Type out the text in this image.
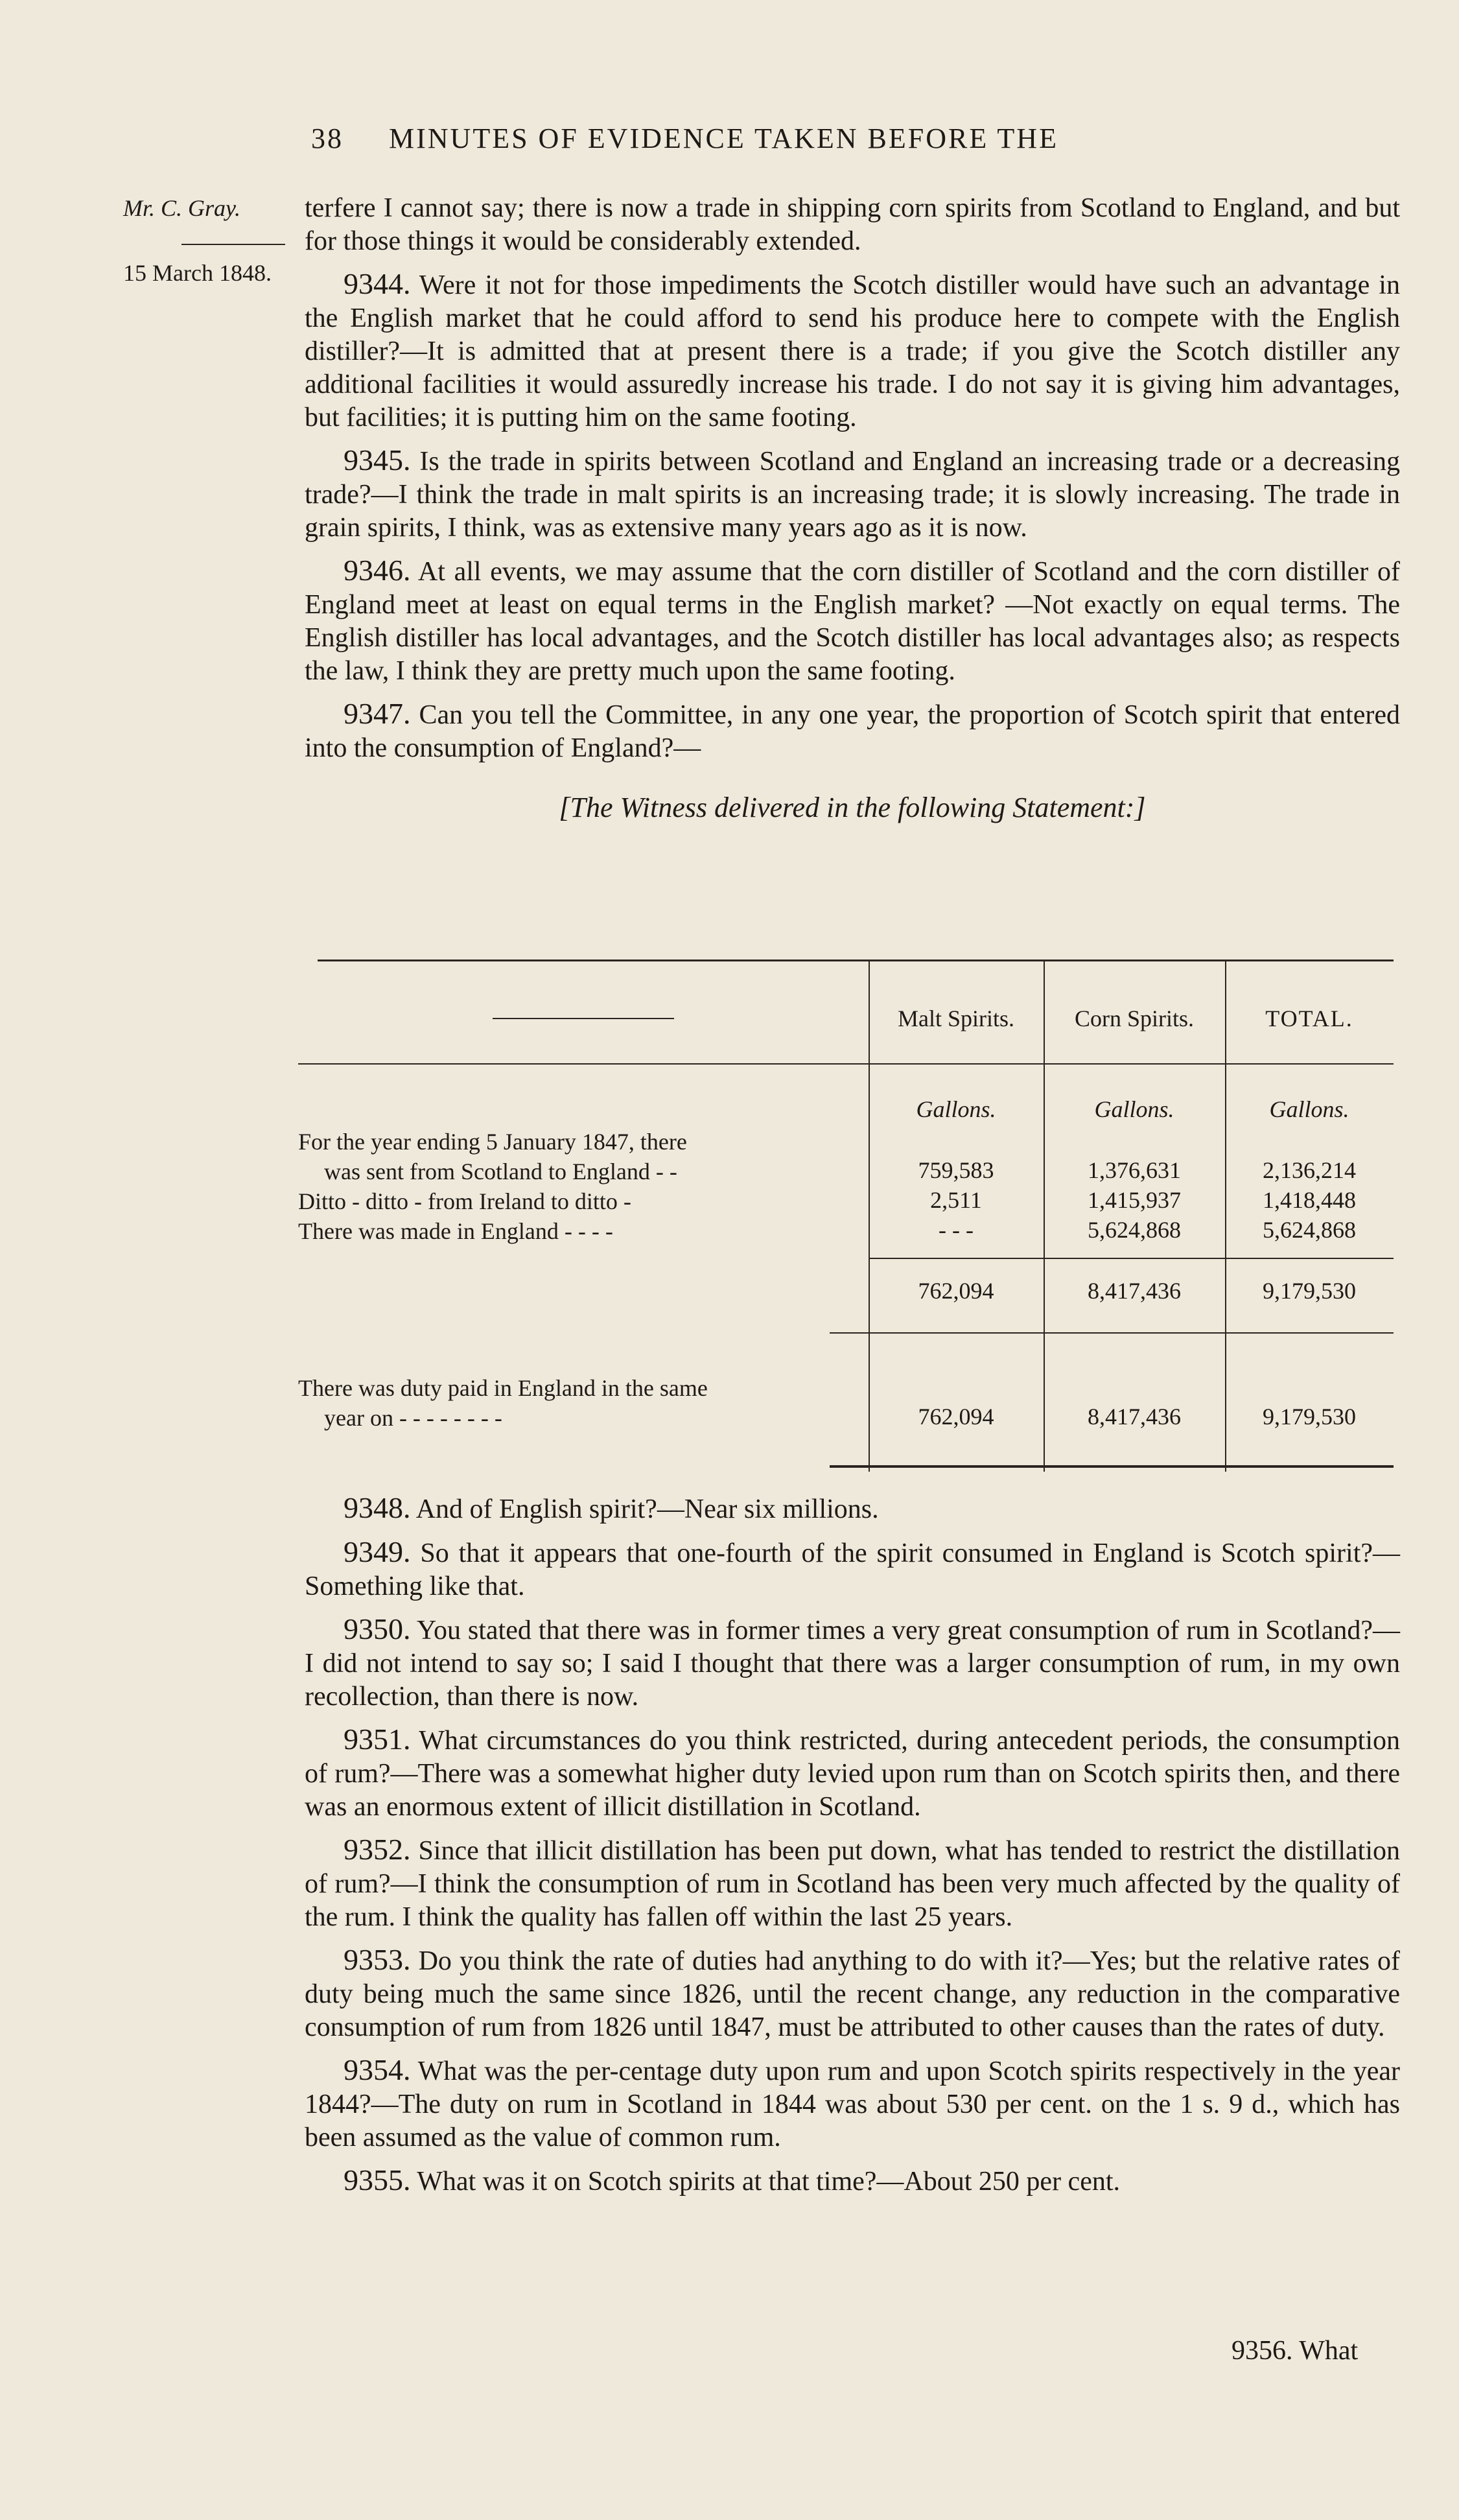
38 MINUTES OF EVIDENCE TAKEN BEFORE THE
Mr. C. Gray.
15 March 1848.

terfere I cannot say; there is now a trade in shipping corn spirits from Scotland to England, and but for those things it would be considerably extended.

9344. Were it not for those impediments the Scotch distiller would have such an advantage in the English market that he could afford to send his produce here to compete with the English distiller?—It is admitted that at present there is a trade; if you give the Scotch distiller any additional facilities it would assuredly increase his trade. I do not say it is giving him advantages, but facilities; it is putting him on the same footing.

9345. Is the trade in spirits between Scotland and England an increasing trade or a decreasing trade?—I think the trade in malt spirits is an increasing trade; it is slowly increasing. The trade in grain spirits, I think, was as extensive many years ago as it is now.

9346. At all events, we may assume that the corn distiller of Scotland and the corn distiller of England meet at least on equal terms in the English market? —Not exactly on equal terms. The English distiller has local advantages, and the Scotch distiller has local advantages also; as respects the law, I think they are pretty much upon the same footing.

9347. Can you tell the Committee, in any one year, the proportion of Scotch spirit that entered into the consumption of England?—

[The Witness delivered in the following Statement:]
Malt Spirits.	Corn Spirits.	TOTAL.
Gallons.	Gallons.	Gallons.
For the year ending 5 January 1847, there
was sent from Scotland to England - -	759,583	1,376,631	2,136,214
Ditto - ditto - from Ireland to ditto -	2,511	1,415,937	1,418,448
There was made in England - - - -	- - -	5,624,868	5,624,868
762,094	8,417,436	9,179,530
There was duty paid in England in the same
year on - - - - - - - -	762,094	8,417,436	9,179,530

9348. And of English spirit?—Near six millions.

9349. So that it appears that one-fourth of the spirit consumed in England is Scotch spirit?—Something like that.

9350. You stated that there was in former times a very great consumption of rum in Scotland?—I did not intend to say so; I said I thought that there was a larger consumption of rum, in my own recollection, than there is now.

9351. What circumstances do you think restricted, during antecedent periods, the consumption of rum?—There was a somewhat higher duty levied upon rum than on Scotch spirits then, and there was an enormous extent of illicit distillation in Scotland.

9352. Since that illicit distillation has been put down, what has tended to restrict the distillation of rum?—I think the consumption of rum in Scotland has been very much affected by the quality of the rum. I think the quality has fallen off within the last 25 years.

9353. Do you think the rate of duties had anything to do with it?—Yes; but the relative rates of duty being much the same since 1826, until the recent change, any reduction in the comparative consumption of rum from 1826 until 1847, must be attributed to other causes than the rates of duty.

9354. What was the per-centage duty upon rum and upon Scotch spirits respectively in the year 1844?—The duty on rum in Scotland in 1844 was about 530 per cent. on the 1 s. 9 d., which has been assumed as the value of common rum.

9355. What was it on Scotch spirits at that time?—About 250 per cent.

9356. What
